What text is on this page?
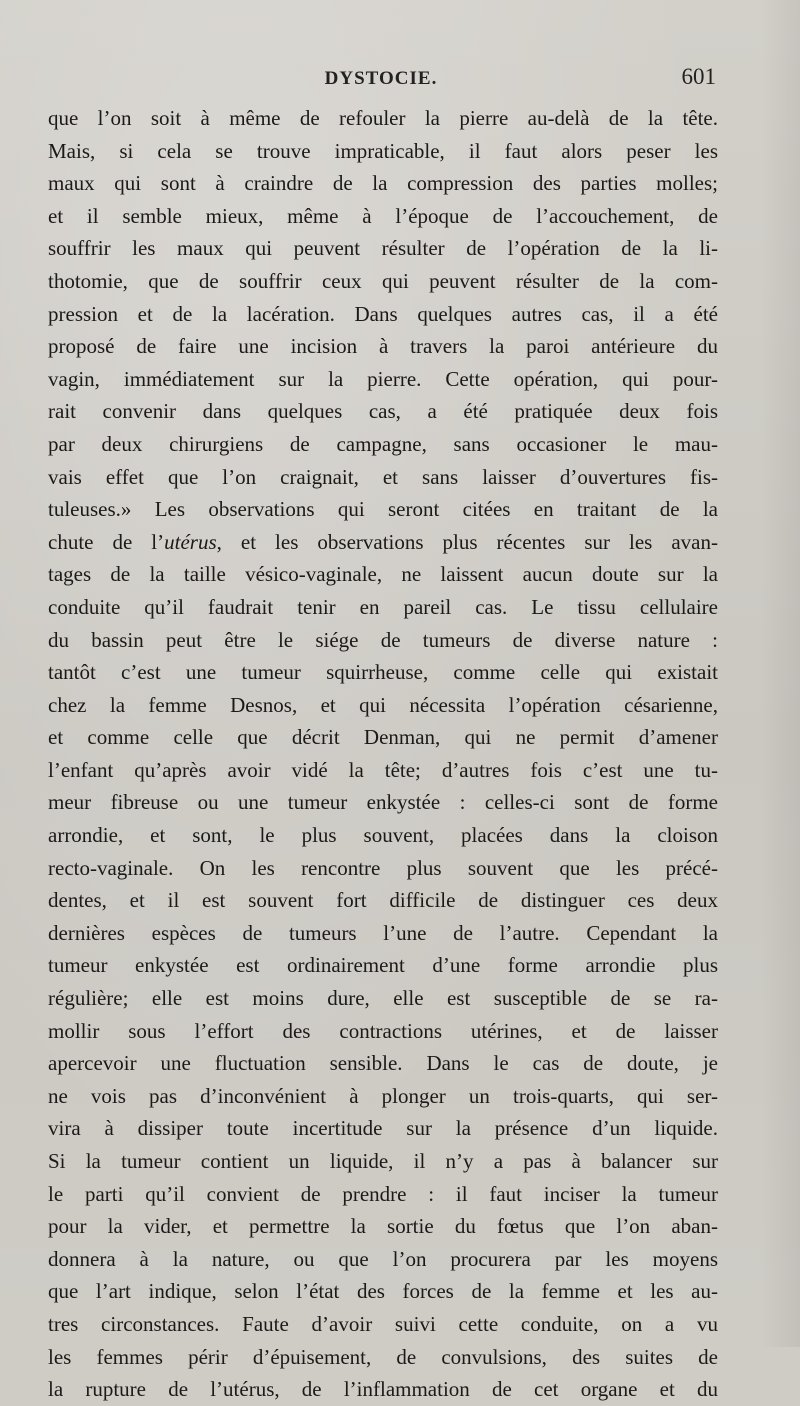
DYSTOCIE.	601
que l’on soit à même de refouler la pierre au-delà de la tête.
Mais, si cela se trouve impraticable, il faut alors peser les
maux qui sont à craindre de la compression des parties molles;
et il semble mieux, même à l’époque de l’accouchement, de
souffrir les maux qui peuvent résulter de l’opération de la li-
thotomie, que de souffrir ceux qui peuvent résulter de la com-
pression et de la lacération. Dans quelques autres cas, il a été
proposé de faire une incision à travers la paroi antérieure du
vagin, immédiatement sur la pierre. Cette opération, qui pour-
rait convenir dans quelques cas, a été pratiquée deux fois
par deux chirurgiens de campagne, sans occasioner le mau-
vais effet que l’on craignait, et sans laisser d’ouvertures fis-
tuleuses.» Les observations qui seront citées en traitant de la
chute de l’utérus, et les observations plus récentes sur les avan-
tages de la taille vésico-vaginale, ne laissent aucun doute sur la
conduite qu’il faudrait tenir en pareil cas. Le tissu cellulaire
du bassin peut être le siége de tumeurs de diverse nature :
tantôt c’est une tumeur squirrheuse, comme celle qui existait
chez la femme Desnos, et qui nécessita l’opération césarienne,
et comme celle que décrit Denman, qui ne permit d’amener
l’enfant qu’après avoir vidé la tête; d’autres fois c’est une tu-
meur fibreuse ou une tumeur enkystée : celles-ci sont de forme
arrondie, et sont, le plus souvent, placées dans la cloison
recto-vaginale. On les rencontre plus souvent que les précé-
dentes, et il est souvent fort difficile de distinguer ces deux
dernières espèces de tumeurs l’une de l’autre. Cependant la
tumeur enkystée est ordinairement d’une forme arrondie plus
régulière; elle est moins dure, elle est susceptible de se ra-
mollir sous l’effort des contractions utérines, et de laisser
apercevoir une fluctuation sensible. Dans le cas de doute, je
ne vois pas d’inconvénient à plonger un trois-quarts, qui ser-
vira à dissiper toute incertitude sur la présence d’un liquide.
Si la tumeur contient un liquide, il n’y a pas à balancer sur
le parti qu’il convient de prendre : il faut inciser la tumeur
pour la vider, et permettre la sortie du fœtus que l’on aban-
donnera à la nature, ou que l’on procurera par les moyens
que l’art indique, selon l’état des forces de la femme et les au-
tres circonstances. Faute d’avoir suivi cette conduite, on a vu
les femmes périr d’épuisement, de convulsions, des suites de
la rupture de l’utérus, de l’inflammation de cet organe et du
